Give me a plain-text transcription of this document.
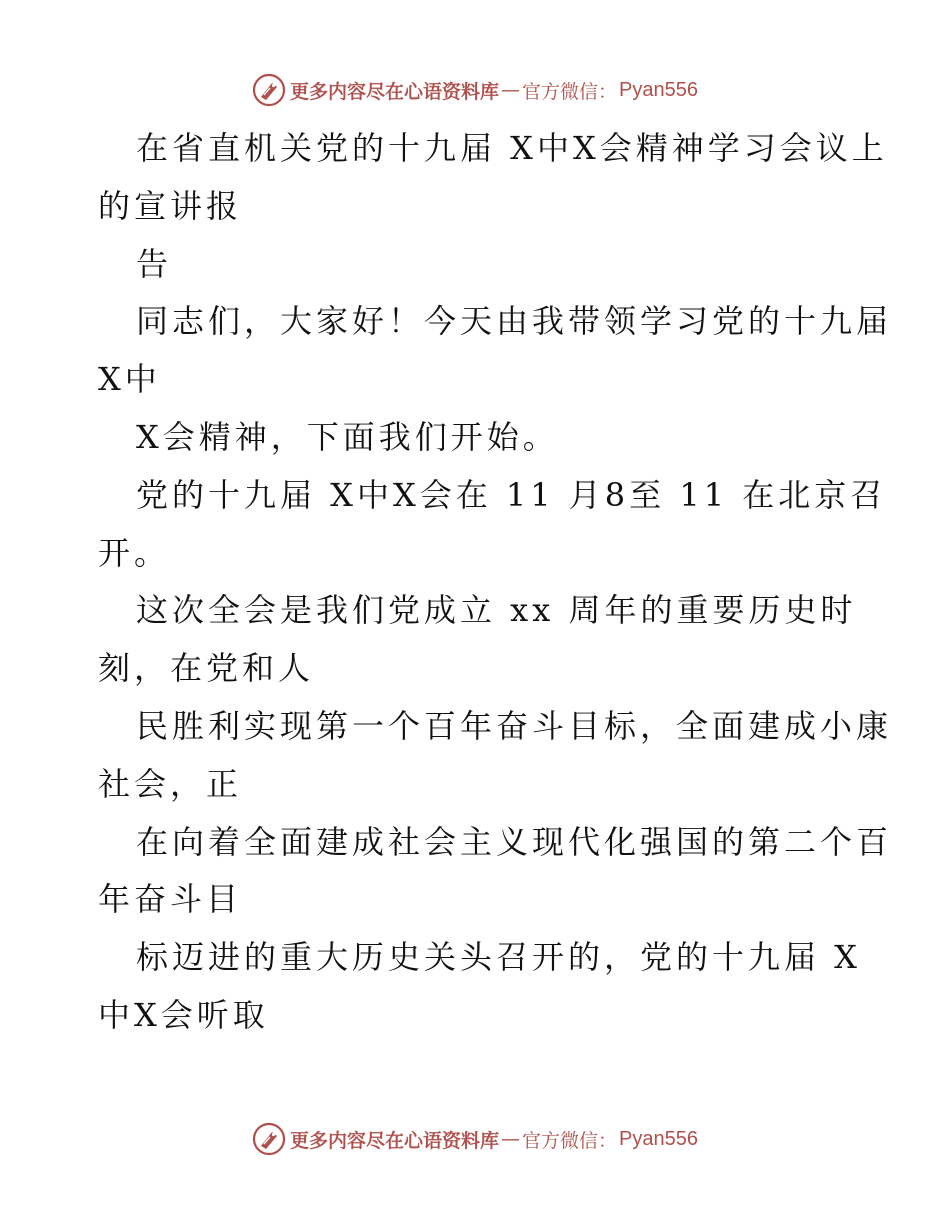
更多内容尽在心语资料库 — 官方微信： Pyan556
在省直机关党的十九届 X中X会精神学习会议上
的宣讲报
告
同志们，大家好！今天由我带领学习党的十九届
X中
X会精神，下面我们开始。
党的十九届 X中X会在 11 月8至 11 在北京召
开。
这次全会是我们党成立 xx 周年的重要历史时
刻，在党和人
民胜利实现第一个百年奋斗目标，全面建成小康
社会，正
在向着全面建成社会主义现代化强国的第二个百
年奋斗目
标迈进的重大历史关头召开的，党的十九届 X
中X会听取
更多内容尽在心语资料库 — 官方微信： Pyan556
